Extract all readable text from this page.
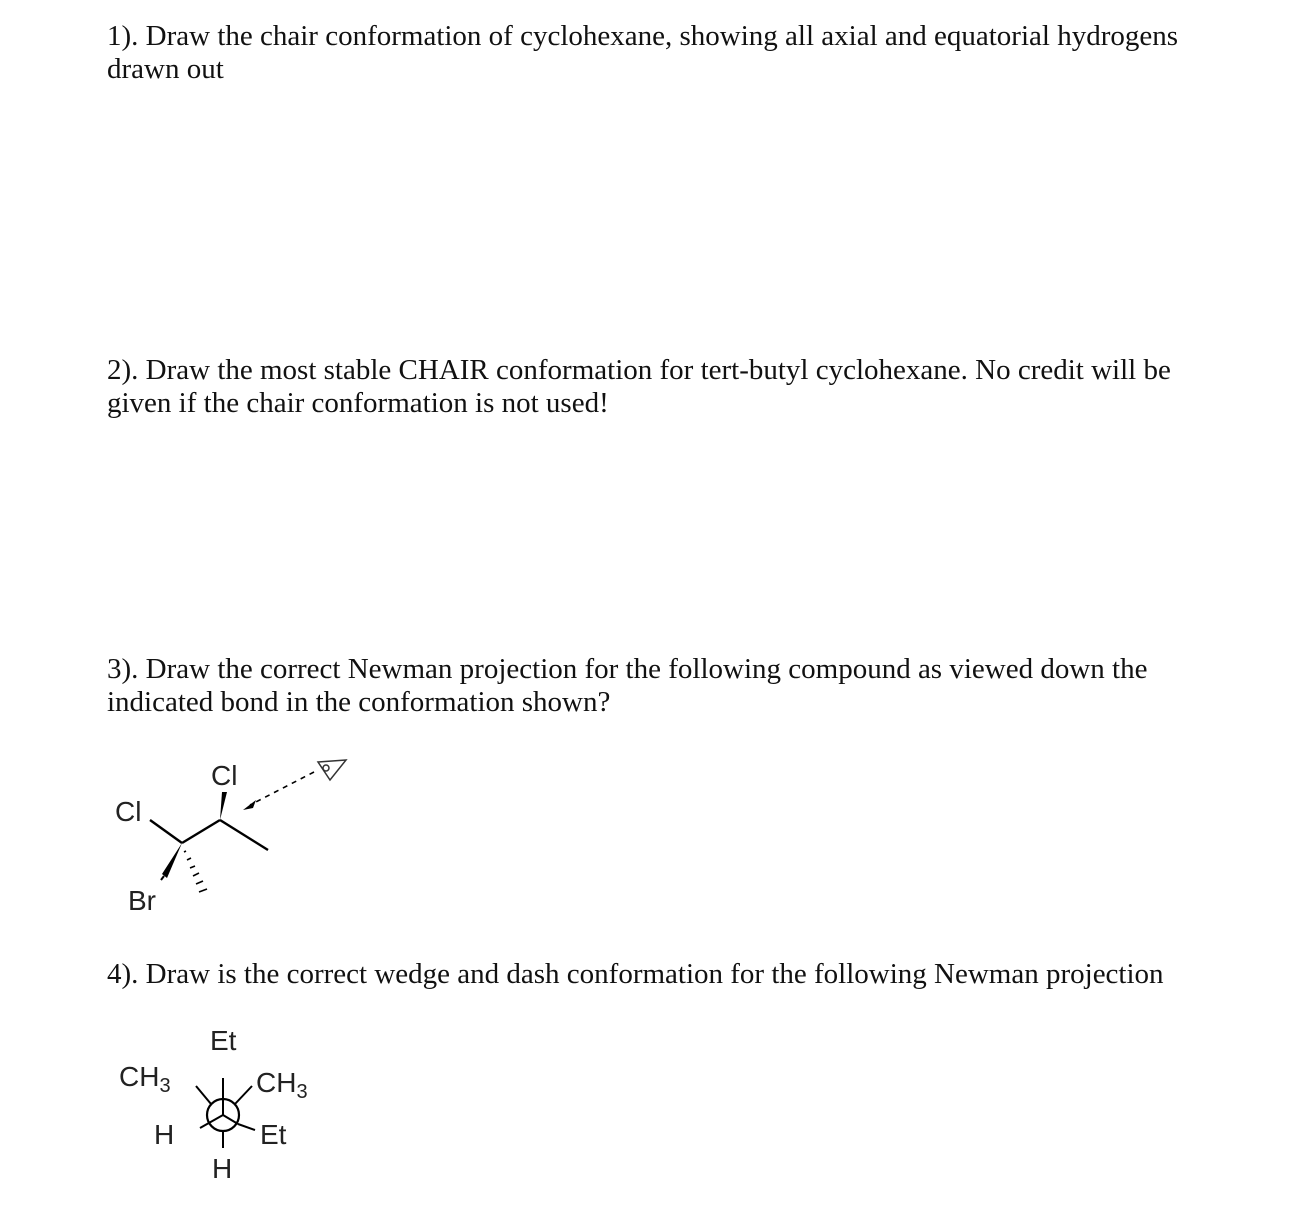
1). Draw the chair conformation of cyclohexane, showing all axial and equatorial hydrogens
drawn out

2). Draw the most stable CHAIR conformation for tert-butyl cyclohexane. No credit will be
given if the chair conformation is not used!

3). Draw the correct Newman projection for the following compound as viewed down the
indicated bond in the conformation shown?

Cl
Cl
Br

4). Draw is the correct wedge and dash conformation for the following Newman projection

Et
$CH_3$	$CH_3$
H	Et
H
